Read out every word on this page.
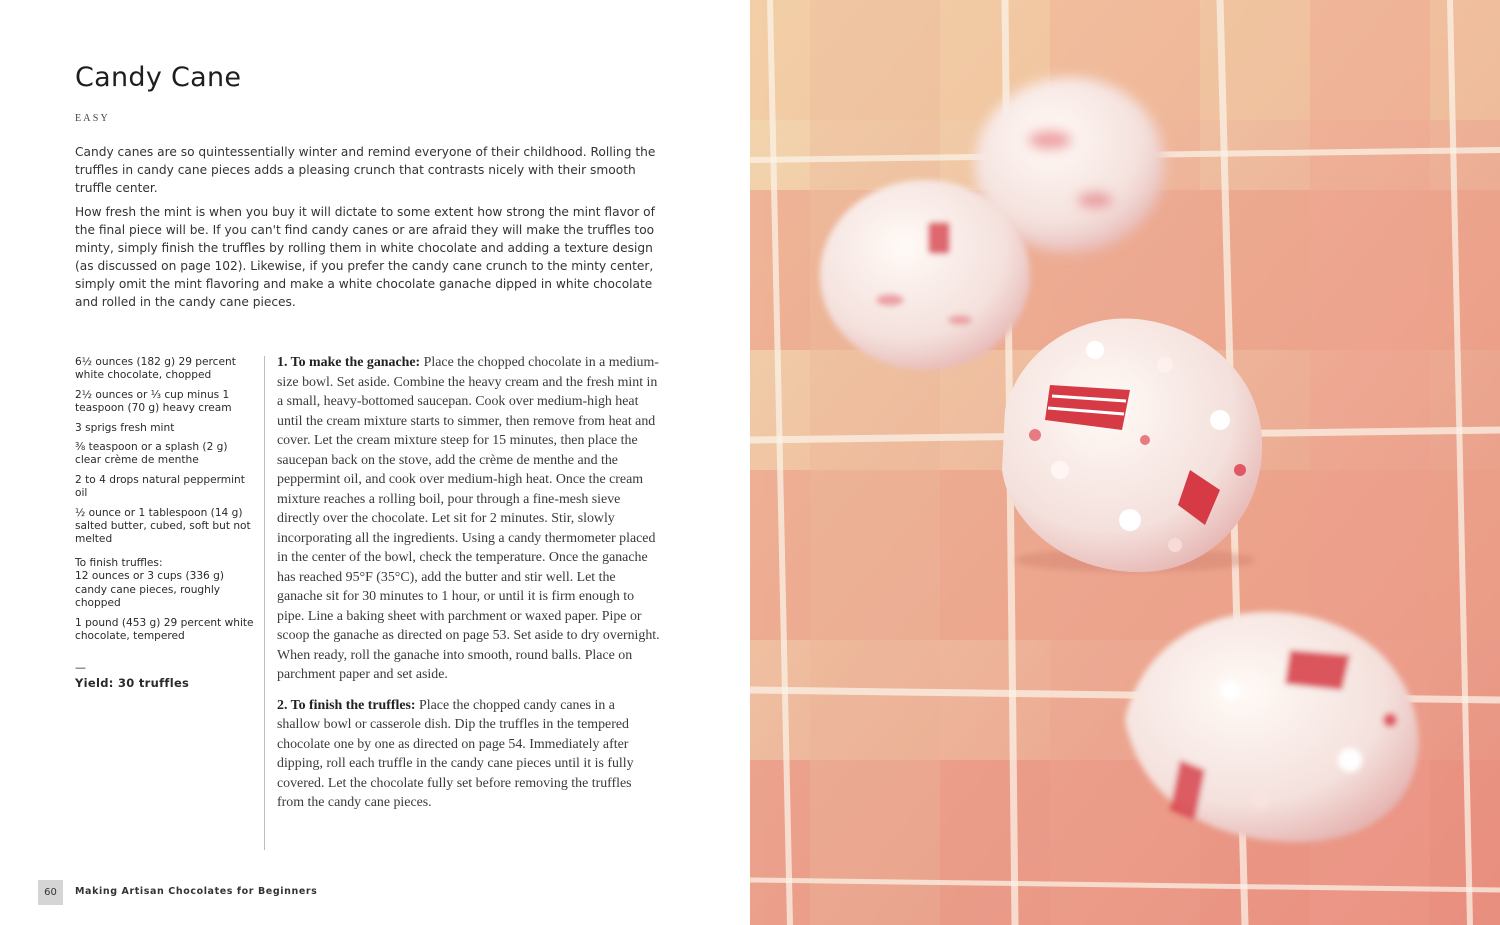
Candy Cane
EASY

Candy canes are so quintessentially winter and remind everyone of their childhood. Rolling the truffles in candy cane pieces adds a pleasing crunch that contrasts nicely with their smooth truffle center.

How fresh the mint is when you buy it will dictate to some extent how strong the mint flavor of the final piece will be. If you can't find candy canes or are afraid they will make the truffles too minty, simply finish the truffles by rolling them in white chocolate and adding a texture design (as discussed on page 102). Likewise, if you prefer the candy cane crunch to the minty center, simply omit the mint flavoring and make a white chocolate ganache dipped in white chocolate and rolled in the candy cane pieces.

6½ ounces (182 g) 29 percent white chocolate, chopped
2½ ounces or ⅓ cup minus 1 teaspoon (70 g) heavy cream
3 sprigs fresh mint
⅜ teaspoon or a splash (2 g) clear crème de menthe
2 to 4 drops natural peppermint oil
½ ounce or 1 tablespoon (14 g) salted butter, cubed, soft but not melted
To finish truffles:
12 ounces or 3 cups (336 g) candy cane pieces, roughly chopped
1 pound (453 g) 29 percent white chocolate, tempered
—
Yield: 30 truffles

1. To make the ganache: Place the chopped chocolate in a medium-size bowl. Set aside. Combine the heavy cream and the fresh mint in a small, heavy-bottomed saucepan. Cook over medium-high heat until the cream mixture starts to simmer, then remove from heat and cover. Let the cream mixture steep for 15 minutes, then place the saucepan back on the stove, add the crème de menthe and the peppermint oil, and cook over medium-high heat. Once the cream mixture reaches a rolling boil, pour through a fine-mesh sieve directly over the chocolate. Let sit for 2 minutes. Stir, slowly incorporating all the ingredients. Using a candy thermometer placed in the center of the bowl, check the temperature. Once the ganache has reached 95°F (35°C), add the butter and stir well. Let the ganache sit for 30 minutes to 1 hour, or until it is firm enough to pipe. Line a baking sheet with parchment or waxed paper. Pipe or scoop the ganache as directed on page 53. Set aside to dry overnight. When ready, roll the ganache into smooth, round balls. Place on parchment paper and set aside.

2. To finish the truffles: Place the chopped candy canes in a shallow bowl or casserole dish. Dip the truffles in the tempered chocolate one by one as directed on page 54. Immediately after dipping, roll each truffle in the candy cane pieces until it is fully covered. Let the chocolate fully set before removing the truffles from the candy cane pieces.

60	Making Artisan Chocolates for Beginners
